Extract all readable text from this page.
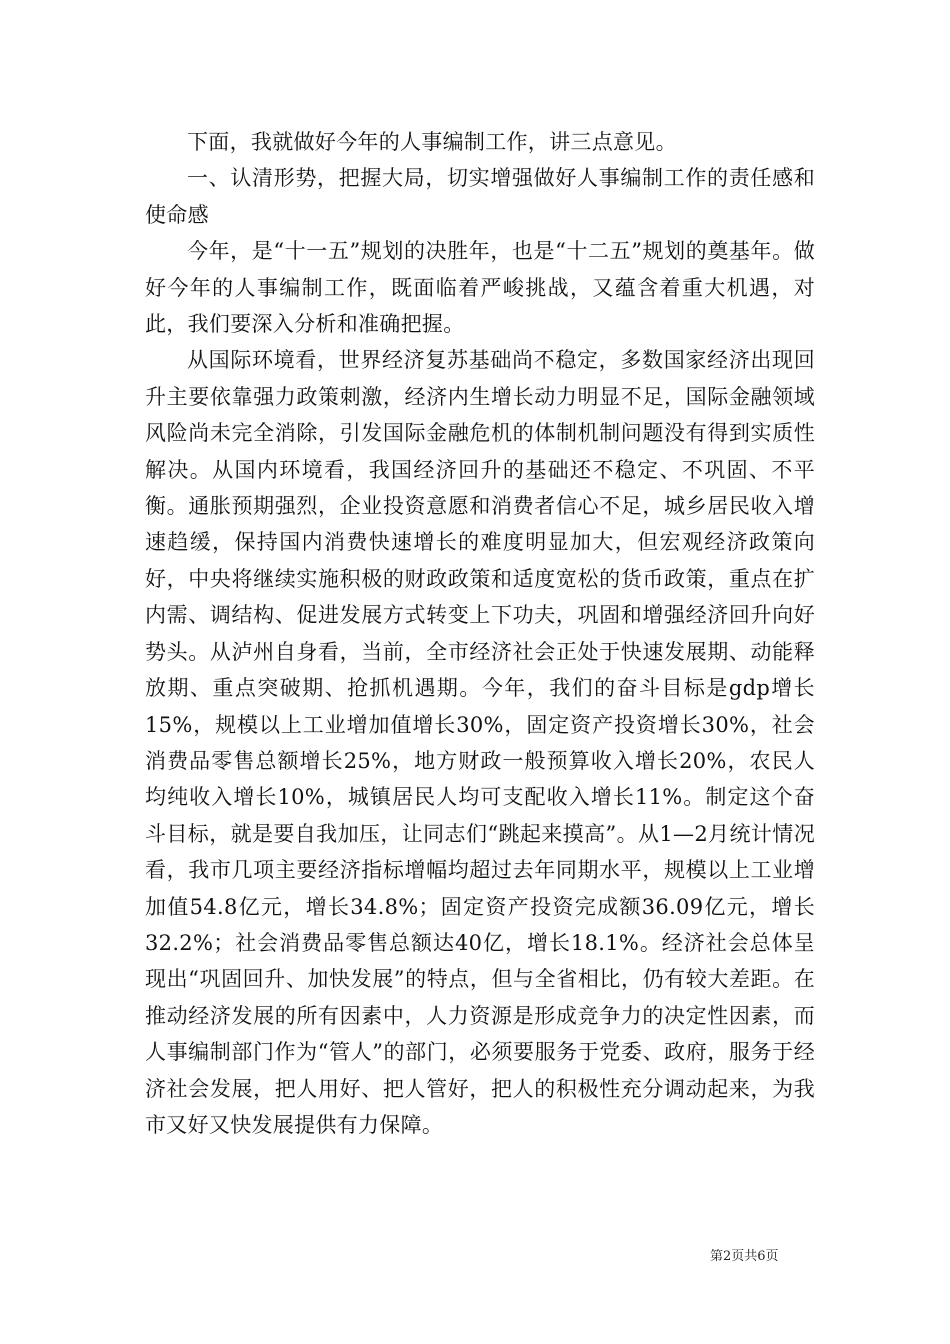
下面，我就做好今年的人事编制工作，讲三点意见。

一、认清形势，把握大局，切实增强做好人事编制工作的责任感和使命感

今年，是“十一五”规划的决胜年，也是“十二五”规划的奠基年。做好今年的人事编制工作，既面临着严峻挑战，又蕴含着重大机遇，对此，我们要深入分析和准确把握。

从国际环境看，世界经济复苏基础尚不稳定，多数国家经济出现回升主要依靠强力政策刺激，经济内生增长动力明显不足，国际金融领域风险尚未完全消除，引发国际金融危机的体制机制问题没有得到实质性解决。从国内环境看，我国经济回升的基础还不稳定、不巩固、不平衡。通胀预期强烈，企业投资意愿和消费者信心不足，城乡居民收入增速趋缓，保持国内消费快速增长的难度明显加大，但宏观经济政策向好，中央将继续实施积极的财政政策和适度宽松的货币政策，重点在扩内需、调结构、促进发展方式转变上下功夫，巩固和增强经济回升向好势头。从泸州自身看，当前，全市经济社会正处于快速发展期、动能释放期、重点突破期、抢抓机遇期。今年，我们的奋斗目标是gdp增长15%，规模以上工业增加值增长30%，固定资产投资增长30%，社会消费品零售总额增长25%，地方财政一般预算收入增长20%，农民人均纯收入增长10%，城镇居民人均可支配收入增长11%。制定这个奋斗目标，就是要自我加压，让同志们“跳起来摸高”。从1—2月统计情况看，我市几项主要经济指标增幅均超过去年同期水平，规模以上工业增加值54.8亿元，增长34.8%；固定资产投资完成额36.09亿元，增长32.2%；社会消费品零售总额达40亿，增长18.1%。经济社会总体呈现出“巩固回升、加快发展”的特点，但与全省相比，仍有较大差距。在推动经济发展的所有因素中，人力资源是形成竞争力的决定性因素，而人事编制部门作为“管人”的部门，必须要服务于党委、政府，服务于经济社会发展，把人用好、把人管好，把人的积极性充分调动起来，为我市又好又快发展提供有力保障。

第2页共6页
